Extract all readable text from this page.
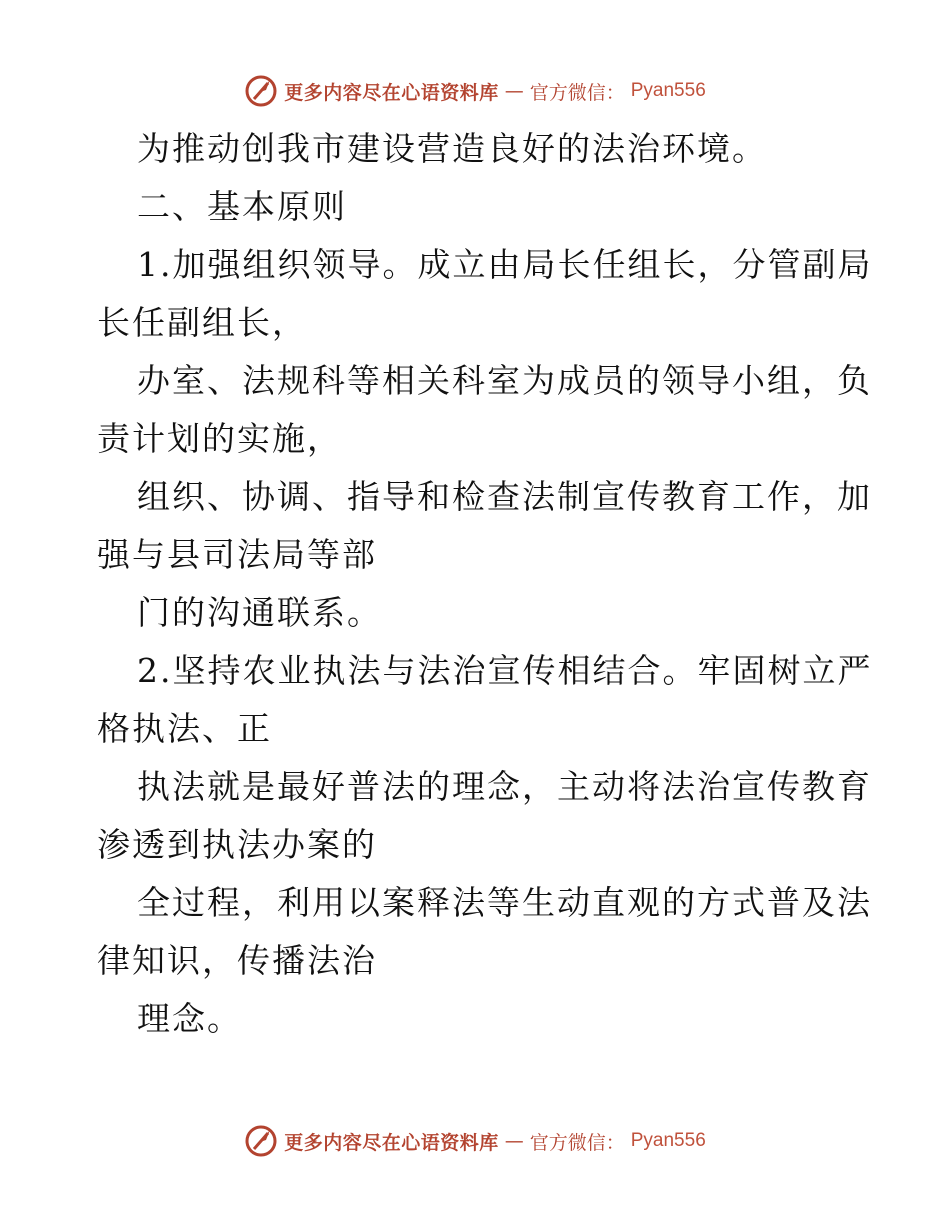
更多内容尽在心语资料库 — 官方微信： Pyan556
为推动创我市建设营造良好的法治环境。
二、基本原则
1.加强组织领导。成立由局长任组长，分管副局
长任副组长，
办室、法规科等相关科室为成员的领导小组，负
责计划的实施，
组织、协调、指导和检查法制宣传教育工作，加
强与县司法局等部
门的沟通联系。
2.坚持农业执法与法治宣传相结合。牢固树立严
格执法、正
执法就是最好普法的理念，主动将法治宣传教育
渗透到执法办案的
全过程，利用以案释法等生动直观的方式普及法
律知识，传播法治
理念。
更多内容尽在心语资料库 — 官方微信： Pyan556
